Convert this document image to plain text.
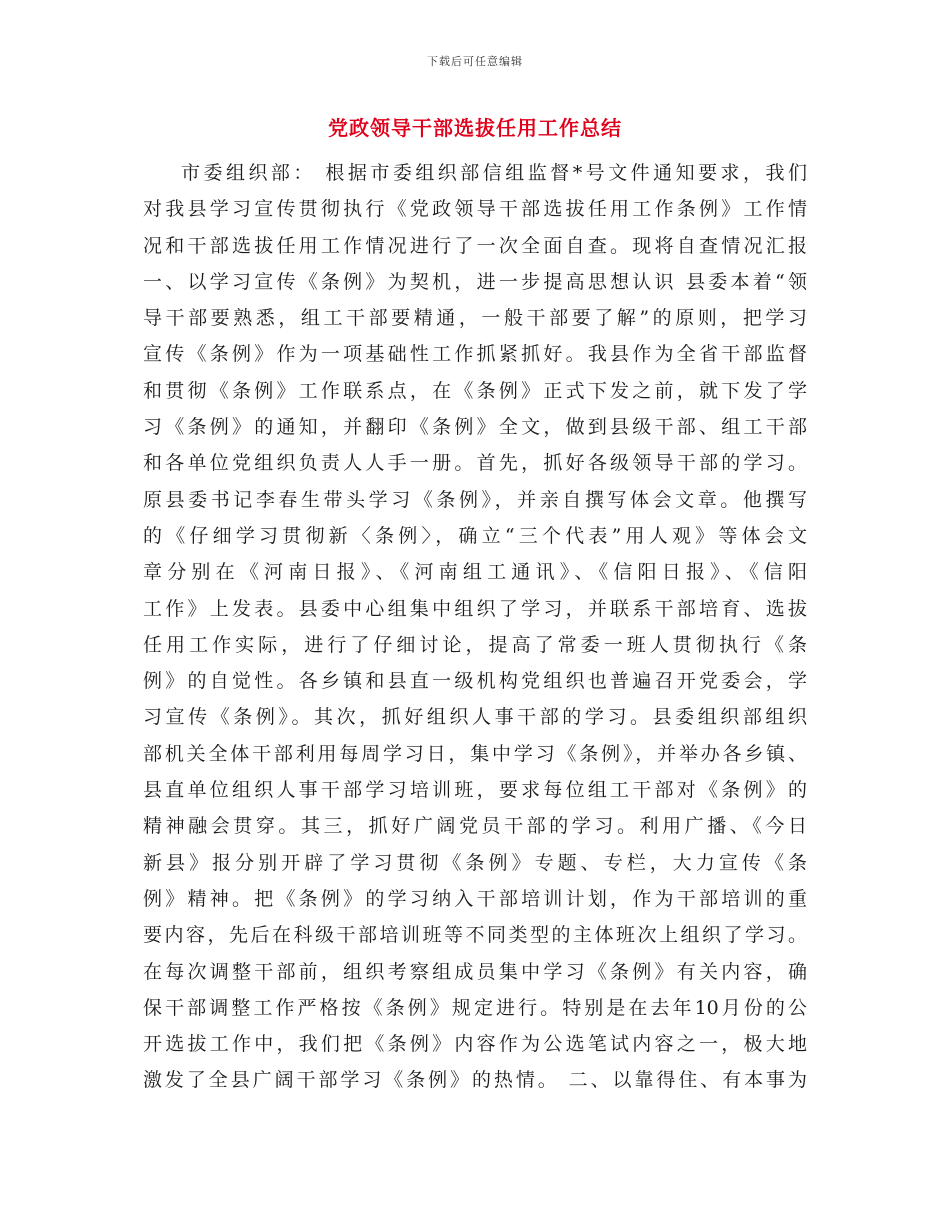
下载后可任意编辑
党政领导干部选拔任用工作总结
市委组织部： 根据市委组织部信组监督*号文件通知要求，我们
对我县学习宣传贯彻执行《党政领导干部选拔任用工作条例》工作情
况和干部选拔任用工作情况进行了一次全面自查。现将自查情况汇报
一、以学习宣传《条例》为契机，进一步提高思想认识 县委本着“领
导干部要熟悉，组工干部要精通，一般干部要了解”的原则，把学习
宣传《条例》作为一项基础性工作抓紧抓好。我县作为全省干部监督
和贯彻《条例》工作联系点，在《条例》正式下发之前，就下发了学
习《条例》的通知，并翻印《条例》全文，做到县级干部、组工干部
和各单位党组织负责人人手一册。首先，抓好各级领导干部的学习。
原县委书记李春生带头学习《条例》，并亲自撰写体会文章。他撰写
的《仔细学习贯彻新〈条例〉，确立“三个代表”用人观》等体会文
章分别在《河南日报》、《河南组工通讯》、《信阳日报》、《信阳
工作》上发表。县委中心组集中组织了学习，并联系干部培育、选拔
任用工作实际，进行了仔细讨论，提高了常委一班人贯彻执行《条
例》的自觉性。各乡镇和县直一级机构党组织也普遍召开党委会，学
习宣传《条例》。其次，抓好组织人事干部的学习。县委组织部组织
部机关全体干部利用每周学习日，集中学习《条例》，并举办各乡镇、
县直单位组织人事干部学习培训班，要求每位组工干部对《条例》的
精神融会贯穿。其三，抓好广阔党员干部的学习。利用广播、《今日
新县》报分别开辟了学习贯彻《条例》专题、专栏，大力宣传《条
例》精神。把《条例》的学习纳入干部培训计划，作为干部培训的重
要内容，先后在科级干部培训班等不同类型的主体班次上组织了学习。
在每次调整干部前，组织考察组成员集中学习《条例》有关内容，确
保干部调整工作严格按《条例》规定进行。特别是在去年10月份的公
开选拔工作中，我们把《条例》内容作为公选笔试内容之一，极大地
激发了全县广阔干部学习《条例》的热情。 二、以靠得住、有本事为
